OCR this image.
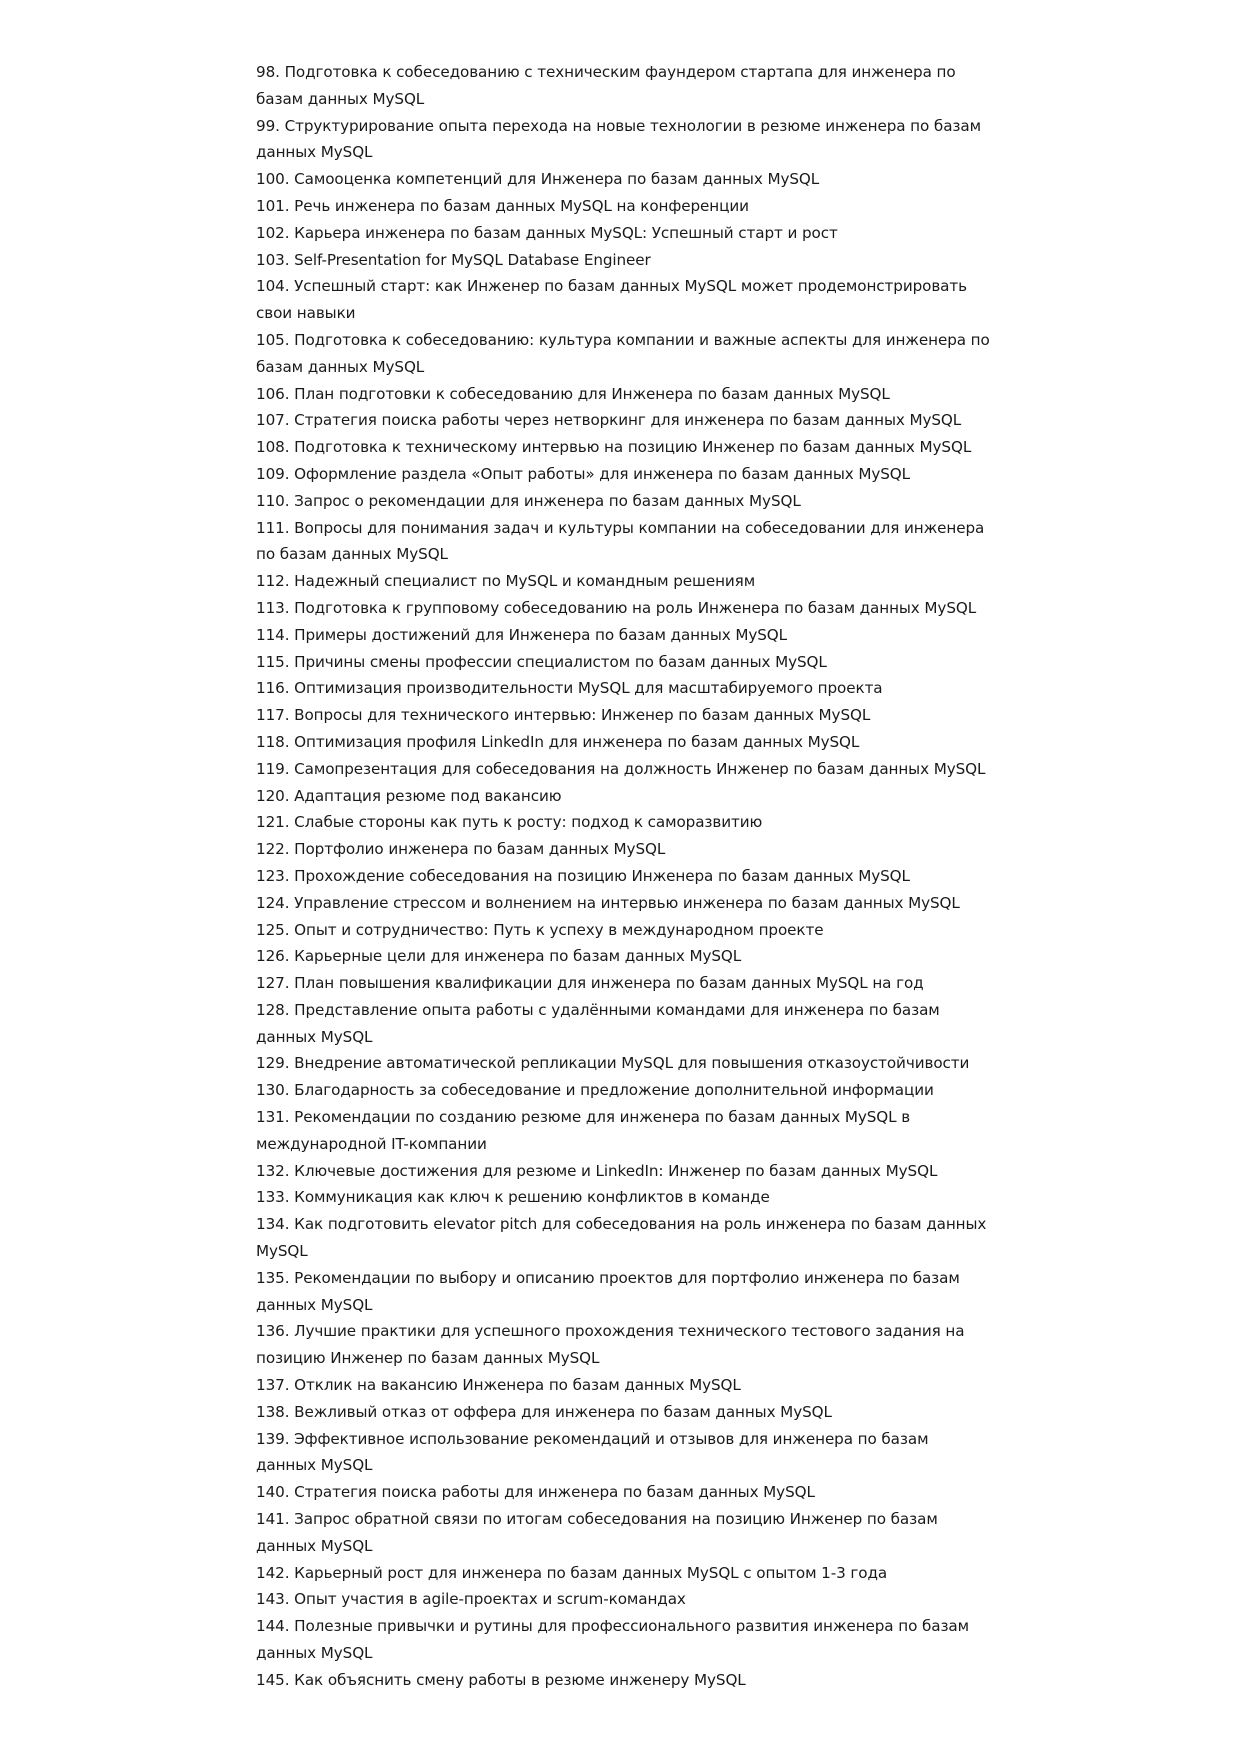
98. Подготовка к собеседованию с техническим фаундером стартапа для инженера по базам данных MySQL
99. Структурирование опыта перехода на новые технологии в резюме инженера по базам данных MySQL
100. Самооценка компетенций для Инженера по базам данных MySQL
101. Речь инженера по базам данных MySQL на конференции
102. Карьера инженера по базам данных MySQL: Успешный старт и рост
103. Self-Presentation for MySQL Database Engineer
104. Успешный старт: как Инженер по базам данных MySQL может продемонстрировать свои навыки
105. Подготовка к собеседованию: культура компании и важные аспекты для инженера по базам данных MySQL
106. План подготовки к собеседованию для Инженера по базам данных MySQL
107. Стратегия поиска работы через нетворкинг для инженера по базам данных MySQL
108. Подготовка к техническому интервью на позицию Инженер по базам данных MySQL
109. Оформление раздела «Опыт работы» для инженера по базам данных MySQL
110. Запрос о рекомендации для инженера по базам данных MySQL
111. Вопросы для понимания задач и культуры компании на собеседовании для инженера по базам данных MySQL
112. Надежный специалист по MySQL и командным решениям
113. Подготовка к групповому собеседованию на роль Инженера по базам данных MySQL
114. Примеры достижений для Инженера по базам данных MySQL
115. Причины смены профессии специалистом по базам данных MySQL
116. Оптимизация производительности MySQL для масштабируемого проекта
117. Вопросы для технического интервью: Инженер по базам данных MySQL
118. Оптимизация профиля LinkedIn для инженера по базам данных MySQL
119. Самопрезентация для собеседования на должность Инженер по базам данных MySQL
120. Адаптация резюме под вакансию
121. Слабые стороны как путь к росту: подход к саморазвитию
122. Портфолио инженера по базам данных MySQL
123. Прохождение собеседования на позицию Инженера по базам данных MySQL
124. Управление стрессом и волнением на интервью инженера по базам данных MySQL
125. Опыт и сотрудничество: Путь к успеху в международном проекте
126. Карьерные цели для инженера по базам данных MySQL
127. План повышения квалификации для инженера по базам данных MySQL на год
128. Представление опыта работы с удалёнными командами для инженера по базам данных MySQL
129. Внедрение автоматической репликации MySQL для повышения отказоустойчивости
130. Благодарность за собеседование и предложение дополнительной информации
131. Рекомендации по созданию резюме для инженера по базам данных MySQL в международной IT-компании
132. Ключевые достижения для резюме и LinkedIn: Инженер по базам данных MySQL
133. Коммуникация как ключ к решению конфликтов в команде
134. Как подготовить elevator pitch для собеседования на роль инженера по базам данных MySQL
135. Рекомендации по выбору и описанию проектов для портфолио инженера по базам данных MySQL
136. Лучшие практики для успешного прохождения технического тестового задания на позицию Инженер по базам данных MySQL
137. Отклик на вакансию Инженера по базам данных MySQL
138. Вежливый отказ от оффера для инженера по базам данных MySQL
139. Эффективное использование рекомендаций и отзывов для инженера по базам данных MySQL
140. Стратегия поиска работы для инженера по базам данных MySQL
141. Запрос обратной связи по итогам собеседования на позицию Инженер по базам данных MySQL
142. Карьерный рост для инженера по базам данных MySQL с опытом 1-3 года
143. Опыт участия в agile-проектах и scrum-командах
144. Полезные привычки и рутины для профессионального развития инженера по базам данных MySQL
145. Как объяснить смену работы в резюме инженеру MySQL
